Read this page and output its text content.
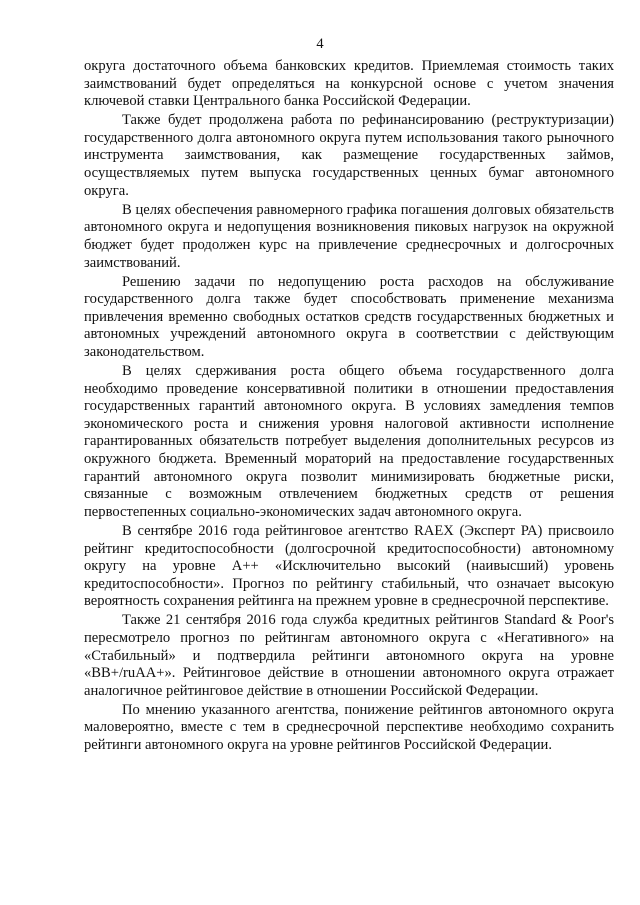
4

округа достаточного объема банковских кредитов. Приемлемая стоимость таких заимствований будет определяться на конкурсной основе с учетом значения ключевой ставки Центрального банка Российской Федерации.

Также будет продолжена работа по рефинансированию (реструктуризации) государственного долга автономного округа путем использования такого рыночного инструмента заимствования, как размещение государственных займов, осуществляемых путем выпуска государственных ценных бумаг автономного округа.

В целях обеспечения равномерного графика погашения долговых обязательств автономного округа и недопущения возникновения пиковых нагрузок на окружной бюджет будет продолжен курс на привлечение среднесрочных и долгосрочных заимствований.

Решению задачи по недопущению роста расходов на обслуживание государственного долга также будет способствовать применение механизма привлечения временно свободных остатков средств государственных бюджетных и автономных учреждений автономного округа в соответствии с действующим законодательством.

В целях сдерживания роста общего объема государственного долга необходимо проведение консервативной политики в отношении предоставления государственных гарантий автономного округа. В условиях замедления темпов экономического роста и снижения уровня налоговой активности исполнение гарантированных обязательств потребует выделения дополнительных ресурсов из окружного бюджета. Временный мораторий на предоставление государственных гарантий автономного округа позволит минимизировать бюджетные риски, связанные с возможным отвлечением бюджетных средств от решения первостепенных социально-экономических задач автономного округа.

В сентябре 2016 года рейтинговое агентство RAEX (Эксперт РА) присвоило рейтинг кредитоспособности (долгосрочной кредитоспособности) автономному округу на уровне А++ «Исключительно высокий (наивысший) уровень кредитоспособности». Прогноз по рейтингу стабильный, что означает высокую вероятность сохранения рейтинга на прежнем уровне в среднесрочной перспективе.

Также 21 сентября 2016 года служба кредитных рейтингов Standard & Poor's пересмотрело прогноз по рейтингам автономного округа с «Негативного» на «Стабильный» и подтвердила рейтинги автономного округа на уровне «BB+/ruAA+». Рейтинговое действие в отношении автономного округа отражает аналогичное рейтинговое действие в отношении Российской Федерации.

По мнению указанного агентства, понижение рейтингов автономного округа маловероятно, вместе с тем в среднесрочной перспективе необходимо сохранить рейтинги автономного округа на уровне рейтингов Российской Федерации.
